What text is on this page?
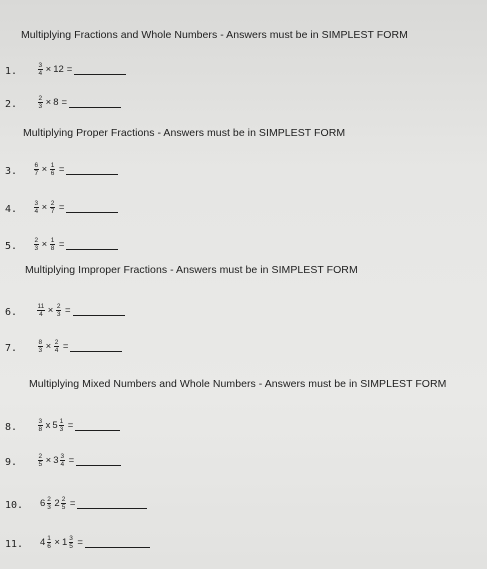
Multiplying Fractions and Whole Numbers - Answers must be in SIMPLEST FORM
Multiplying Proper Fractions - Answers must be in SIMPLEST FORM
Multiplying Improper Fractions - Answers must be in SIMPLEST FORM
Multiplying Mixed Numbers and Whole Numbers - Answers must be in SIMPLEST FORM
1.	$\frac{3}{4} \times 12$ =
2.	$\frac{2}{3} \times 8$ =
3.	$\frac{6}{7} \times \frac{1}{6}$ =
4.	$\frac{3}{4} \times \frac{2}{7}$ =
5.	$\frac{2}{3} \times \frac{1}{8}$ =
6.	$\frac{11}{4} \times \frac{2}{3}$ =
7.	$\frac{8}{3} \times \frac{2}{4}$ =
8.	$\frac{3}{8}$ x $5 \frac{1}{3}$ =
9.	$\frac{2}{5} \times 3 \frac{3}{4}$ =
10. $6 \frac{2}{3} 2 \frac{2}{5}$ =
11. $4 \frac{1}{6} \times 1 \frac{3}{5}$ =
